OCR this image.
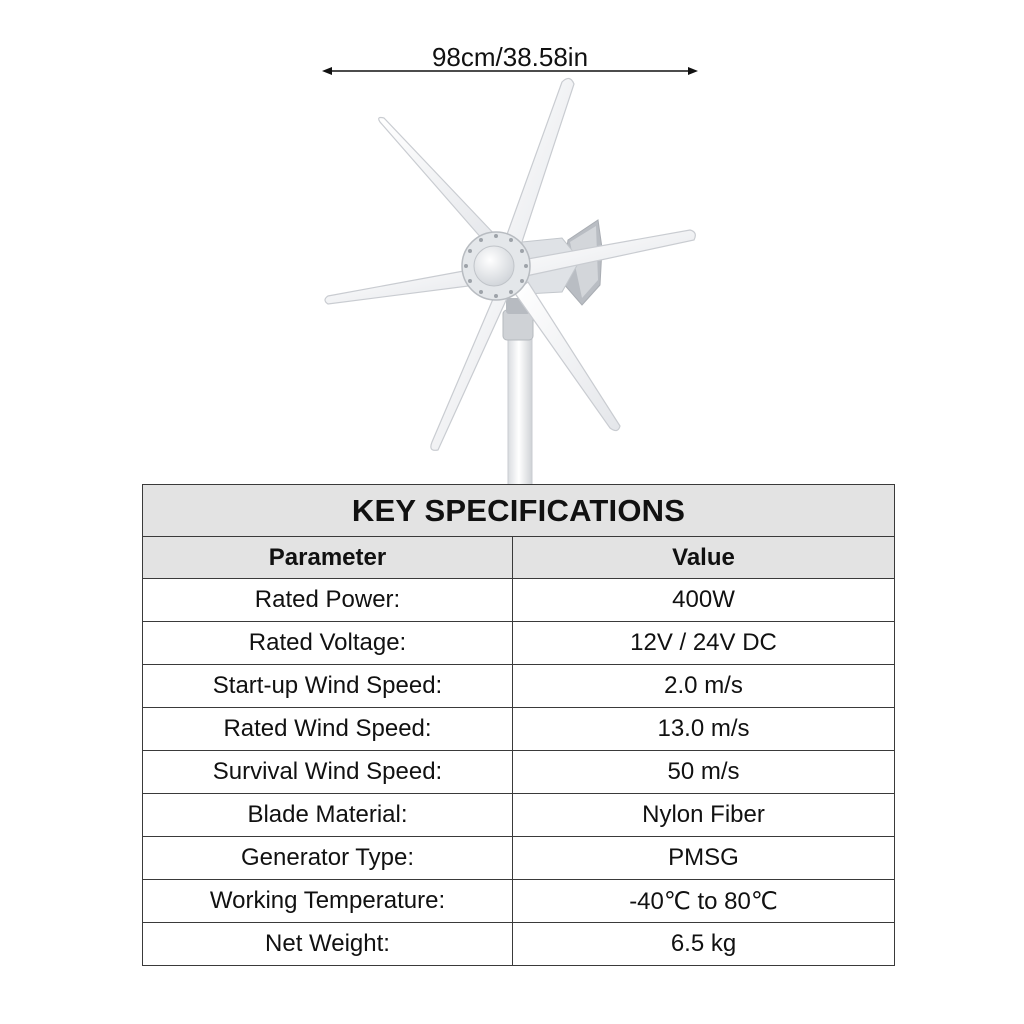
98cm/38.58in
KEY SPECIFICATIONS	
Parameter	Value
Rated Power:	400W
Rated Voltage:	12V / 24V DC
Start-up Wind Speed:	2.0 m/s
Rated Wind Speed:	13.0 m/s
Survival Wind Speed:	50 m/s
Blade Material:	Nylon Fiber
Generator Type:	PMSG
Working Temperature:	-40℃ to 80℃
Net Weight:	6.5 kg
